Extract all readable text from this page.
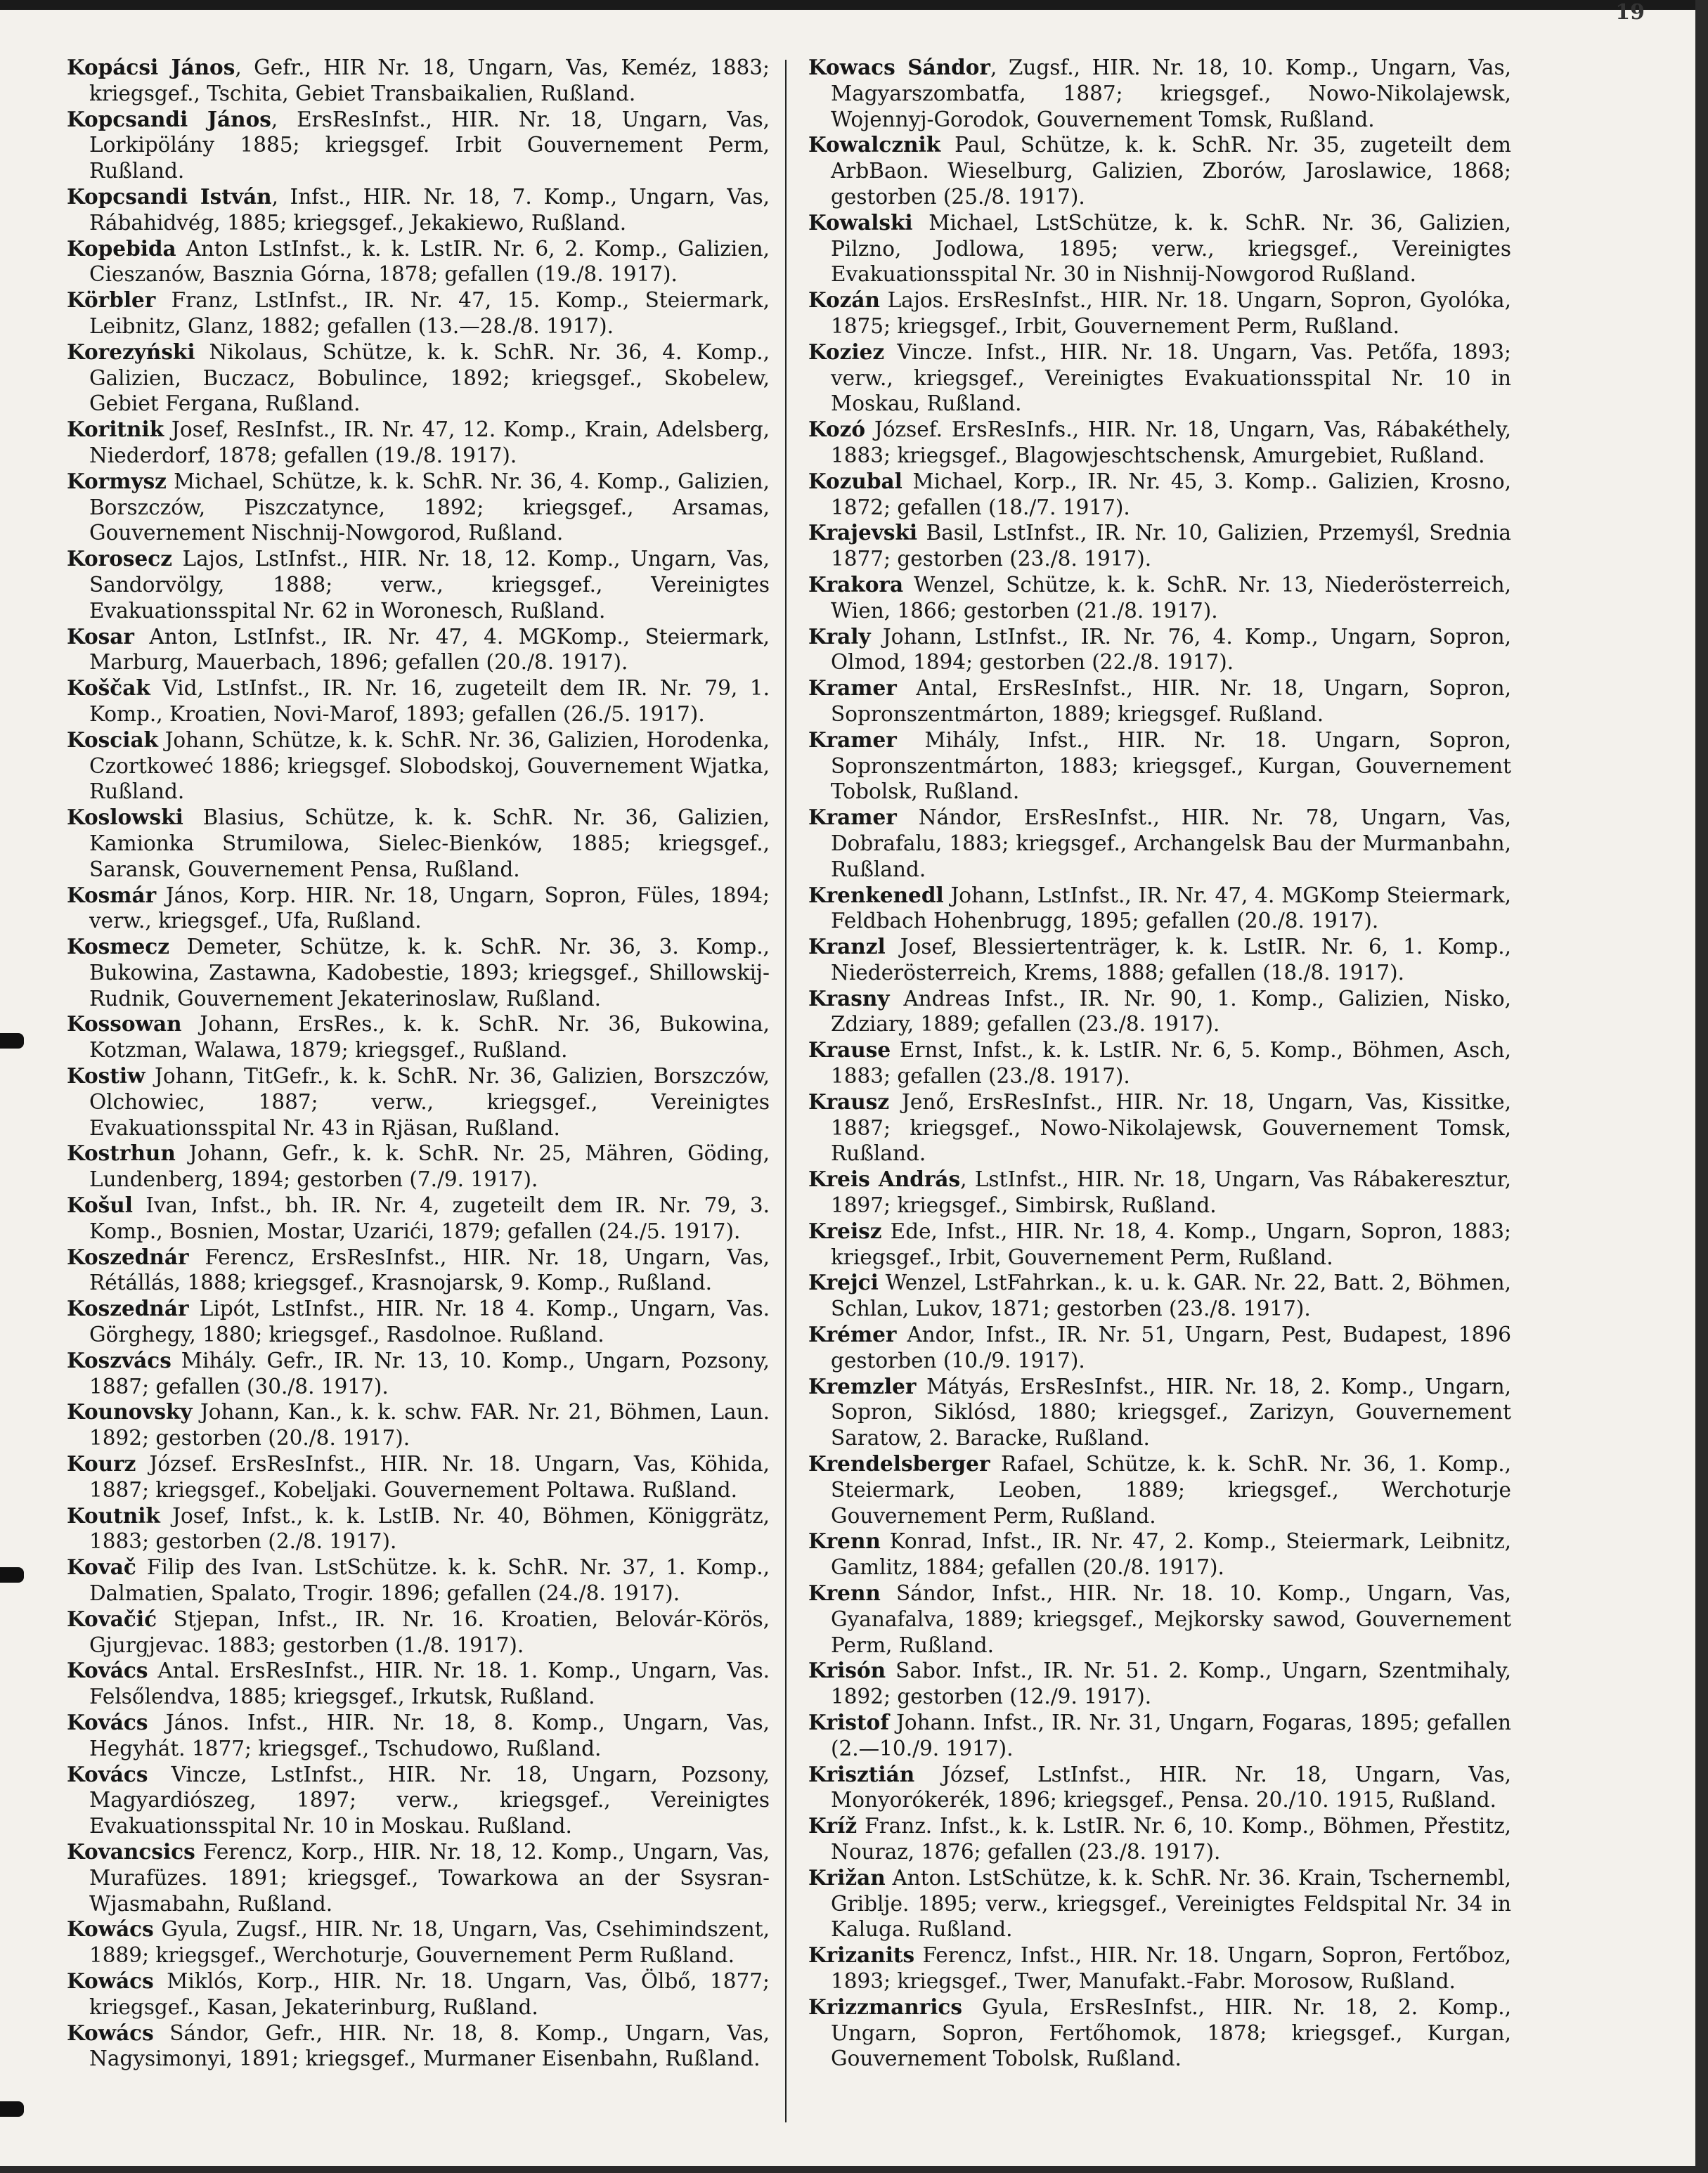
19
Kopácsi János, Gefr., HIR Nr. 18, Ungarn, Vas, Keméz, 1883; kriegsgef., Tschita, Gebiet Transbaikalien, Rußland.
Kopcsandi János, ErsResInfst., HIR. Nr. 18, Ungarn, Vas, Lorkipölány 1885; kriegsgef. Irbit Gouvernement Perm, Rußland.
Kopcsandi István, Infst., HIR. Nr. 18, 7. Komp., Ungarn, Vas, Rábahidvég, 1885; kriegsgef., Jekakiewo, Rußland.
Kopebida Anton LstInfst., k. k. LstIR. Nr. 6, 2. Komp., Galizien, Cieszanów, Basznia Górna, 1878; gefallen (19./8. 1917).
Körbler Franz, LstInfst., IR. Nr. 47, 15. Komp., Steiermark, Leibnitz, Glanz, 1882; gefallen (13.—28./8. 1917).
Korezyński Nikolaus, Schütze, k. k. SchR. Nr. 36, 4. Komp., Galizien, Buczacz, Bobulince, 1892; kriegsgef., Skobelew, Gebiet Fergana, Rußland.
Koritnik Josef, ResInfst., IR. Nr. 47, 12. Komp., Krain, Adelsberg, Niederdorf, 1878; gefallen (19./8. 1917).
Kormysz Michael, Schütze, k. k. SchR. Nr. 36, 4. Komp., Galizien, Borszczów, Piszczatynce, 1892; kriegsgef., Arsamas, Gouvernement Nischnij-Nowgorod, Rußland.
Korosecz Lajos, LstInfst., HIR. Nr. 18, 12. Komp., Ungarn, Vas, Sandorvölgy, 1888; verw., kriegsgef., Vereinigtes Evakuationsspital Nr. 62 in Woronesch, Rußland.
Kosar Anton, LstInfst., IR. Nr. 47, 4. MGKomp., Steiermark, Marburg, Mauerbach, 1896; gefallen (20./8. 1917).
Koščak Vid, LstInfst., IR. Nr. 16, zugeteilt dem IR. Nr. 79, 1. Komp., Kroatien, Novi-Marof, 1893; gefallen (26./5. 1917).
Kosciak Johann, Schütze, k. k. SchR. Nr. 36, Galizien, Horodenka, Czortkoweć 1886; kriegsgef. Slobodskoj, Gouvernement Wjatka, Rußland.
Koslowski Blasius, Schütze, k. k. SchR. Nr. 36, Galizien, Kamionka Strumilowa, Sielec-Bienków, 1885; kriegsgef., Saransk, Gouvernement Pensa, Rußland.
Kosmár János, Korp. HIR. Nr. 18, Ungarn, Sopron, Füles, 1894; verw., kriegsgef., Ufa, Rußland.
Kosmecz Demeter, Schütze, k. k. SchR. Nr. 36, 3. Komp., Bukowina, Zastawna, Kadobestie, 1893; kriegsgef., Shillowskij-Rudnik, Gouvernement Jekaterinoslaw, Rußland.
Kossowan Johann, ErsRes., k. k. SchR. Nr. 36, Bukowina, Kotzman, Walawa, 1879; kriegsgef., Rußland.
Kostiw Johann, TitGefr., k. k. SchR. Nr. 36, Galizien, Borszczów, Olchowiec, 1887; verw., kriegsgef., Vereinigtes Evakuationsspital Nr. 43 in Rjäsan, Rußland.
Kostrhun Johann, Gefr., k. k. SchR. Nr. 25, Mähren, Göding, Lundenberg, 1894; gestorben (7./9. 1917).
Košul Ivan, Infst., bh. IR. Nr. 4, zugeteilt dem IR. Nr. 79, 3. Komp., Bosnien, Mostar, Uzarići, 1879; gefallen (24./5. 1917).
Koszednár Ferencz, ErsResInfst., HIR. Nr. 18, Ungarn, Vas, Rétállás, 1888; kriegsgef., Krasnojarsk, 9. Komp., Rußland.
Koszednár Lipót, LstInfst., HIR. Nr. 18 4. Komp., Ungarn, Vas. Görghegy, 1880; kriegsgef., Rasdolnoe. Rußland.
Koszvács Mihály. Gefr., IR. Nr. 13, 10. Komp., Ungarn, Pozsony, 1887; gefallen (30./8. 1917).
Kounovsky Johann, Kan., k. k. schw. FAR. Nr. 21, Böhmen, Laun. 1892; gestorben (20./8. 1917).
Kourz József. ErsResInfst., HIR. Nr. 18. Ungarn, Vas, Köhida, 1887; kriegsgef., Kobeljaki. Gouvernement Poltawa. Rußland.
Koutnik Josef, Infst., k. k. LstIB. Nr. 40, Böhmen, Königgrätz, 1883; gestorben (2./8. 1917).
Kovač Filip des Ivan. LstSchütze. k. k. SchR. Nr. 37, 1. Komp., Dalmatien, Spalato, Trogir. 1896; gefallen (24./8. 1917).
Kovačić Stjepan, Infst., IR. Nr. 16. Kroatien, Belovár-Körös, Gjurgjevac. 1883; gestorben (1./8. 1917).
Kovács Antal. ErsResInfst., HIR. Nr. 18. 1. Komp., Ungarn, Vas. Felsőlendva, 1885; kriegsgef., Irkutsk, Rußland.
Kovács János. Infst., HIR. Nr. 18, 8. Komp., Ungarn, Vas, Hegyhát. 1877; kriegsgef., Tschudowo, Rußland.
Kovács Vincze, LstInfst., HIR. Nr. 18, Ungarn, Pozsony, Magyardiószeg, 1897; verw., kriegsgef., Vereinigtes Evakuationsspital Nr. 10 in Moskau. Rußland.
Kovancsics Ferencz, Korp., HIR. Nr. 18, 12. Komp., Ungarn, Vas, Murafüzes. 1891; kriegsgef., Towarkowa an der Ssysran-Wjasmabahn, Rußland.
Kowács Gyula, Zugsf., HIR. Nr. 18, Ungarn, Vas, Csehimindszent, 1889; kriegsgef., Werchoturje, Gouvernement Perm Rußland.
Kowács Miklós, Korp., HIR. Nr. 18. Ungarn, Vas, Ölbő, 1877; kriegsgef., Kasan, Jekaterinburg, Rußland.
Kowács Sándor, Gefr., HIR. Nr. 18, 8. Komp., Ungarn, Vas, Nagysimonyi, 1891; kriegsgef., Murmaner Eisenbahn, Rußland.
Kowacs Sándor, Zugsf., HIR. Nr. 18, 10. Komp., Ungarn, Vas, Magyarszombatfa, 1887; kriegsgef., Nowo-Nikolajewsk, Wojennyj-Gorodok, Gouvernement Tomsk, Rußland.
Kowalcznik Paul, Schütze, k. k. SchR. Nr. 35, zugeteilt dem ArbBaon. Wieselburg, Galizien, Zborów, Jaroslawice, 1868; gestorben (25./8. 1917).
Kowalski Michael, LstSchütze, k. k. SchR. Nr. 36, Galizien, Pilzno, Jodlowa, 1895; verw., kriegsgef., Vereinigtes Evakuationsspital Nr. 30 in Nishnij-Nowgorod Rußland.
Kozán Lajos. ErsResInfst., HIR. Nr. 18. Ungarn, Sopron, Gyolóka, 1875; kriegsgef., Irbit, Gouvernement Perm, Rußland.
Koziez Vincze. Infst., HIR. Nr. 18. Ungarn, Vas. Petőfa, 1893; verw., kriegsgef., Vereinigtes Evakuationsspital Nr. 10 in Moskau, Rußland.
Kozó József. ErsResInfs., HIR. Nr. 18, Ungarn, Vas, Rábakéthely, 1883; kriegsgef., Blagowjeschtschensk, Amurgebiet, Rußland.
Kozubal Michael, Korp., IR. Nr. 45, 3. Komp.. Galizien, Krosno, 1872; gefallen (18./7. 1917).
Krajevski Basil, LstInfst., IR. Nr. 10, Galizien, Przemyśl, Srednia 1877; gestorben (23./8. 1917).
Krakora Wenzel, Schütze, k. k. SchR. Nr. 13, Niederösterreich, Wien, 1866; gestorben (21./8. 1917).
Kraly Johann, LstInfst., IR. Nr. 76, 4. Komp., Ungarn, Sopron, Olmod, 1894; gestorben (22./8. 1917).
Kramer Antal, ErsResInfst., HIR. Nr. 18, Ungarn, Sopron, Sopronszentmárton, 1889; kriegsgef. Rußland.
Kramer Mihály, Infst., HIR. Nr. 18. Ungarn, Sopron, Sopronszentmárton, 1883; kriegsgef., Kurgan, Gouvernement Tobolsk, Rußland.
Kramer Nándor, ErsResInfst., HIR. Nr. 78, Ungarn, Vas, Dobrafalu, 1883; kriegsgef., Archangelsk Bau der Murmanbahn, Rußland.
Krenkenedl Johann, LstInfst., IR. Nr. 47, 4. MGKomp Steiermark, Feldbach Hohenbrugg, 1895; gefallen (20./8. 1917).
Kranzl Josef, Blessiertenträger, k. k. LstIR. Nr. 6, 1. Komp., Niederösterreich, Krems, 1888; gefallen (18./8. 1917).
Krasny Andreas Infst., IR. Nr. 90, 1. Komp., Galizien, Nisko, Zdziary, 1889; gefallen (23./8. 1917).
Krause Ernst, Infst., k. k. LstIR. Nr. 6, 5. Komp., Böhmen, Asch, 1883; gefallen (23./8. 1917).
Krausz Jenő, ErsResInfst., HIR. Nr. 18, Ungarn, Vas, Kissitke, 1887; kriegsgef., Nowo-Nikolajewsk, Gouvernement Tomsk, Rußland.
Kreis András, LstInfst., HIR. Nr. 18, Ungarn, Vas Rábakeresztur, 1897; kriegsgef., Simbirsk, Rußland.
Kreisz Ede, Infst., HIR. Nr. 18, 4. Komp., Ungarn, Sopron, 1883; kriegsgef., Irbit, Gouvernement Perm, Rußland.
Krejci Wenzel, LstFahrkan., k. u. k. GAR. Nr. 22, Batt. 2, Böhmen, Schlan, Lukov, 1871; gestorben (23./8. 1917).
Krémer Andor, Infst., IR. Nr. 51, Ungarn, Pest, Budapest, 1896 gestorben (10./9. 1917).
Kremzler Mátyás, ErsResInfst., HIR. Nr. 18, 2. Komp., Ungarn, Sopron, Siklósd, 1880; kriegsgef., Zarizyn, Gouvernement Saratow, 2. Baracke, Rußland.
Krendelsberger Rafael, Schütze, k. k. SchR. Nr. 36, 1. Komp., Steiermark, Leoben, 1889; kriegsgef., Werchoturje Gouvernement Perm, Rußland.
Krenn Konrad, Infst., IR. Nr. 47, 2. Komp., Steiermark, Leibnitz, Gamlitz, 1884; gefallen (20./8. 1917).
Krenn Sándor, Infst., HIR. Nr. 18. 10. Komp., Ungarn, Vas, Gyanafalva, 1889; kriegsgef., Mejkorsky sawod, Gouvernement Perm, Rußland.
Krisón Sabor. Infst., IR. Nr. 51. 2. Komp., Ungarn, Szentmihaly, 1892; gestorben (12./9. 1917).
Kristof Johann. Infst., IR. Nr. 31, Ungarn, Fogaras, 1895; gefallen (2.—10./9. 1917).
Krisztián József, LstInfst., HIR. Nr. 18, Ungarn, Vas, Monyorókerék, 1896; kriegsgef., Pensa. 20./10. 1915, Rußland.
Kríž Franz. Infst., k. k. LstIR. Nr. 6, 10. Komp., Böhmen, Přestitz, Nouraz, 1876; gefallen (23./8. 1917).
Križan Anton. LstSchütze, k. k. SchR. Nr. 36. Krain, Tschernembl, Griblje. 1895; verw., kriegsgef., Vereinigtes Feldspital Nr. 34 in Kaluga. Rußland.
Krizanits Ferencz, Infst., HIR. Nr. 18. Ungarn, Sopron, Fertőboz, 1893; kriegsgef., Twer, Manufakt.-Fabr. Morosow, Rußland.
Krizzmanrics Gyula, ErsResInfst., HIR. Nr. 18, 2. Komp., Ungarn, Sopron, Fertőhomok, 1878; kriegsgef., Kurgan, Gouvernement Tobolsk, Rußland.
